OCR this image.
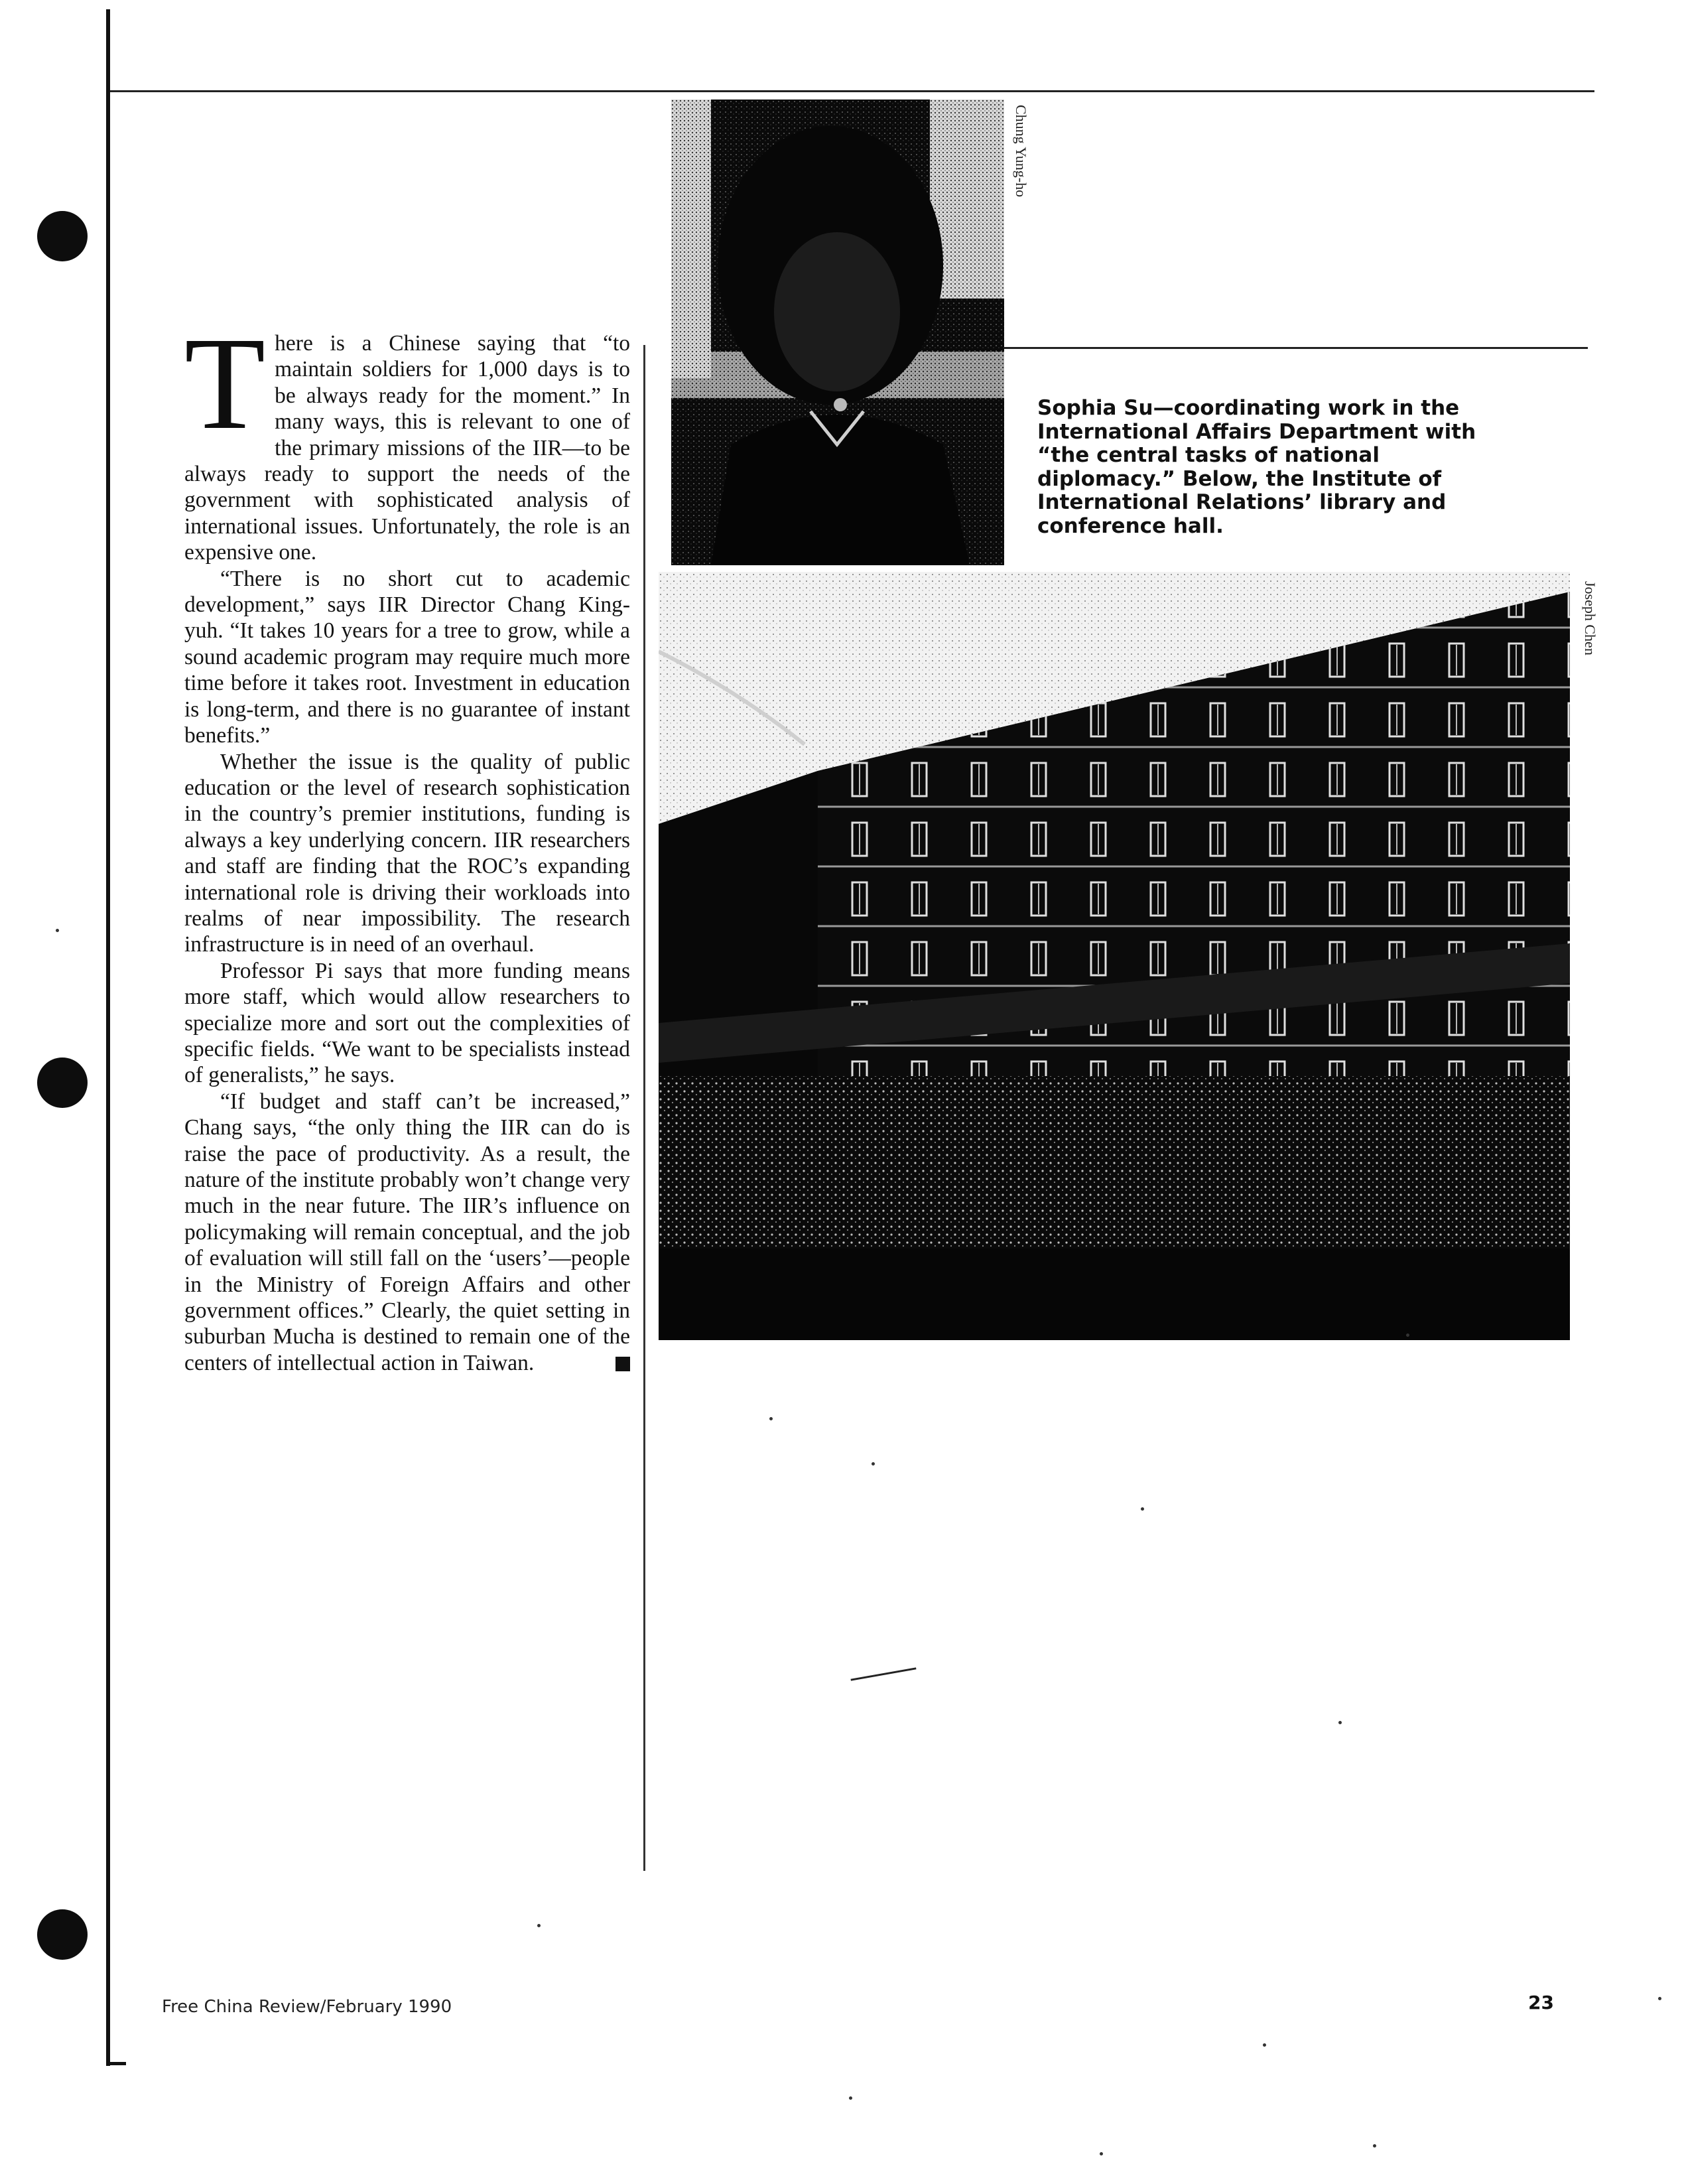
T here is a Chinese saying that “to maintain soldiers for 1,000 days is to be always ready for the moment.” In many ways, this is relevant to one of the primary missions of the IIR—to be always ready to support the needs of the government with sophisticated analysis of international issues. Unfortunately, the role is an expensive one.

“There is no short cut to academic development,” says IIR Director Chang King-yuh. “It takes 10 years for a tree to grow, while a sound academic program may require much more time before it takes root. Investment in education is long-term, and there is no guarantee of instant benefits.”

Whether the issue is the quality of public education or the level of research sophistication in the country’s premier institutions, funding is always a key underlying concern. IIR researchers and staff are finding that the ROC’s expanding international role is driving their workloads into realms of near impossibility. The research infrastructure is in need of an overhaul.

Professor Pi says that more funding means more staff, which would allow researchers to specialize more and sort out the complexities of specific fields. “We want to be specialists instead of generalists,” he says.

“If budget and staff can’t be increased,” Chang says, “the only thing the IIR can do is raise the pace of productivity. As a result, the nature of the institute probably won’t change very much in the near future. The IIR’s influence on policymaking will remain conceptual, and the job of evaluation will still fall on the ‘users’—people in the Ministry of Foreign Affairs and other government offices.” Clearly, the quiet setting in suburban Mucha is destined to remain one of the centers of intellectual action in Taiwan.

Chung Yung-ho
Joseph Chen
Sophia Su—coordinating work in the International Affairs Department with “the central tasks of national diplomacy.” Below, the Institute of International Relations’ library and conference hall.
Free China Review/February 1990	23
